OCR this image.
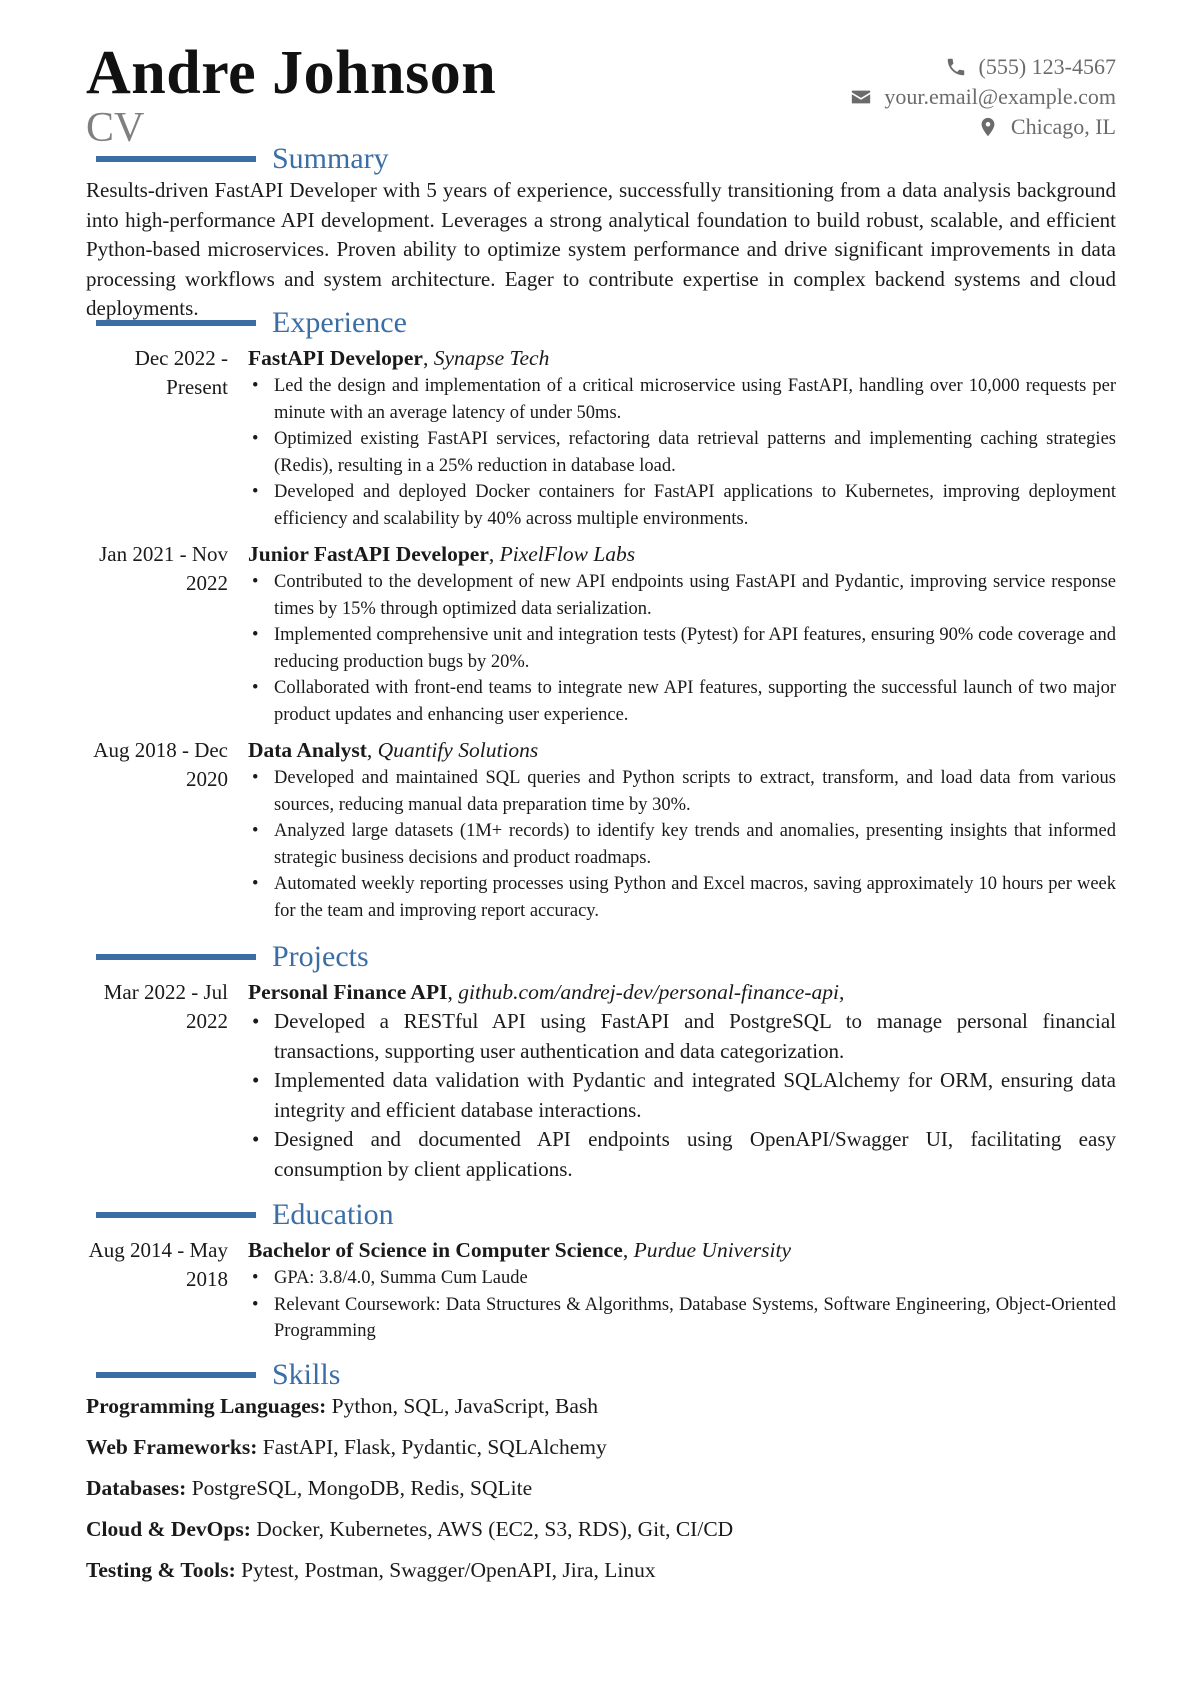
Andre Johnson

CV

(555) 123-4567
your.email@example.com
Chicago, IL
Summary

Results-driven FastAPI Developer with 5 years of experience, successfully transitioning from a data analysis background into high-performance API development. Leverages a strong analytical foundation to build robust, scalable, and efficient Python-based microservices. Proven ability to optimize system performance and drive significant improvements in data processing workflows and system architecture. Eager to contribute expertise in complex backend systems and cloud deployments.	Experience
Dec 2022 - Present
FastAPI Developer, Synapse Tech
• Led the design and implementation of a critical microservice using FastAPI, handling over 10,000 requests per minute with an average latency of under 50ms.
• Optimized existing FastAPI services, refactoring data retrieval patterns and implementing caching strategies (Redis), resulting in a 25% reduction in database load.
• Developed and deployed Docker containers for FastAPI applications to Kubernetes, improving deployment efficiency and scalability by 40% across multiple environments.
Jan 2021 - Nov 2022
Junior FastAPI Developer, PixelFlow Labs
• Contributed to the development of new API endpoints using FastAPI and Pydantic, improving service response times by 15% through optimized data serialization.
• Implemented comprehensive unit and integration tests (Pytest) for API features, ensuring 90% code coverage and reducing production bugs by 20%.
• Collaborated with front-end teams to integrate new API features, supporting the successful launch of two major product updates and enhancing user experience.
Aug 2018 - Dec 2020
Data Analyst, Quantify Solutions
• Developed and maintained SQL queries and Python scripts to extract, transform, and load data from various sources, reducing manual data preparation time by 30%.
• Analyzed large datasets (1M+ records) to identify key trends and anomalies, presenting insights that informed strategic business decisions and product roadmaps.
• Automated weekly reporting processes using Python and Excel macros, saving approximately 10 hours per week for the team and improving report accuracy.
Projects
Mar 2022 - Jul 2022
Personal Finance API, github.com/andrej-dev/personal-finance-api,
• Developed a RESTful API using FastAPI and PostgreSQL to manage personal financial transactions, supporting user authentication and data categorization.
• Implemented data validation with Pydantic and integrated SQLAlchemy for ORM, ensuring data integrity and efficient database interactions.
• Designed and documented API endpoints using OpenAPI/Swagger UI, facilitating easy consumption by client applications.
Education
Aug 2014 - May 2018
Bachelor of Science in Computer Science, Purdue University
• GPA: 3.8/4.0, Summa Cum Laude
• Relevant Coursework: Data Structures & Algorithms, Database Systems, Software Engineering, Object-Oriented Programming
Skills
Programming Languages: Python, SQL, JavaScript, Bash
Web Frameworks: FastAPI, Flask, Pydantic, SQLAlchemy
Databases: PostgreSQL, MongoDB, Redis, SQLite
Cloud & DevOps: Docker, Kubernetes, AWS (EC2, S3, RDS), Git, CI/CD
Testing & Tools: Pytest, Postman, Swagger/OpenAPI, Jira, Linux
